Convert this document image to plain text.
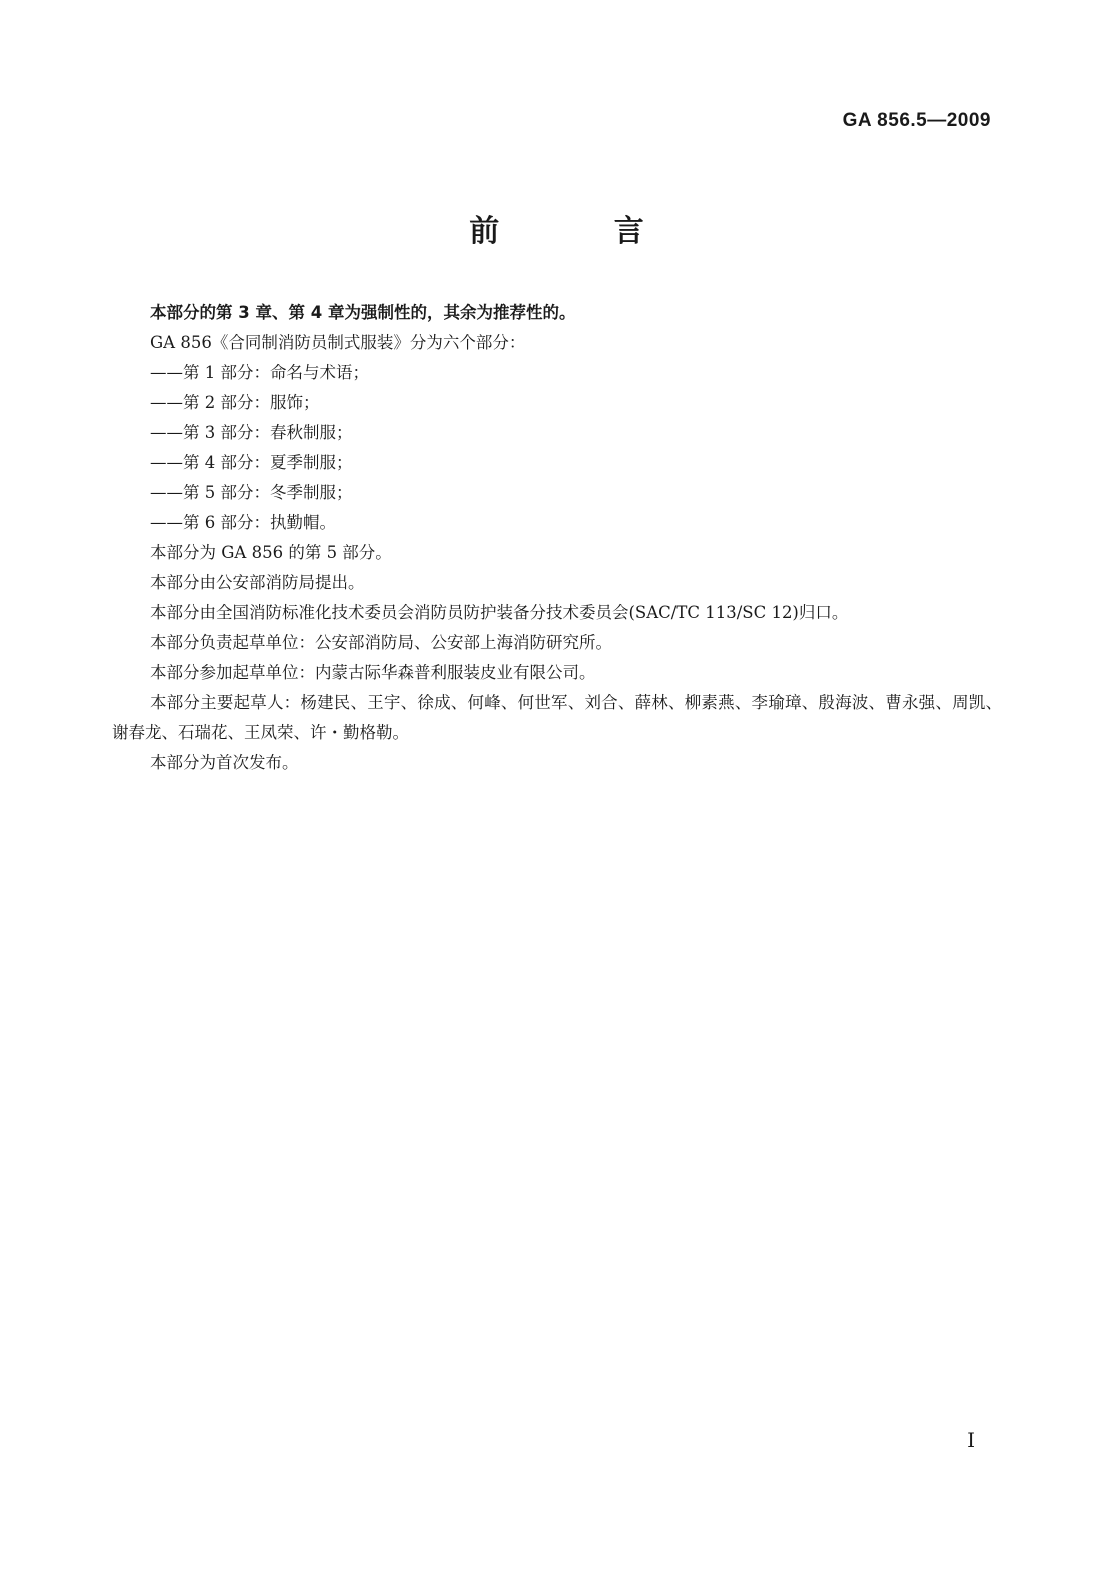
GA 856.5—2009
前 言

本部分的第 3 章、第 4 章为强制性的，其余为推荐性的。

GA 856《合同制消防员制式服装》分为六个部分：

——第 1 部分：命名与术语；

——第 2 部分：服饰；

——第 3 部分：春秋制服；

——第 4 部分：夏季制服；

——第 5 部分：冬季制服；

——第 6 部分：执勤帽。

本部分为 GA 856 的第 5 部分。

本部分由公安部消防局提出。

本部分由全国消防标准化技术委员会消防员防护装备分技术委员会(SAC/TC 113/SC 12)归口。

本部分负责起草单位：公安部消防局、公安部上海消防研究所。

本部分参加起草单位：内蒙古际华森普利服装皮业有限公司。

本部分主要起草人：杨建民、王宇、徐成、何峰、何世军、刘合、薛林、柳素燕、李瑜璋、殷海波、曹永强、周凯、谢春龙、石瑞花、王凤荣、许・勤格勒。

本部分为首次发布。

I
